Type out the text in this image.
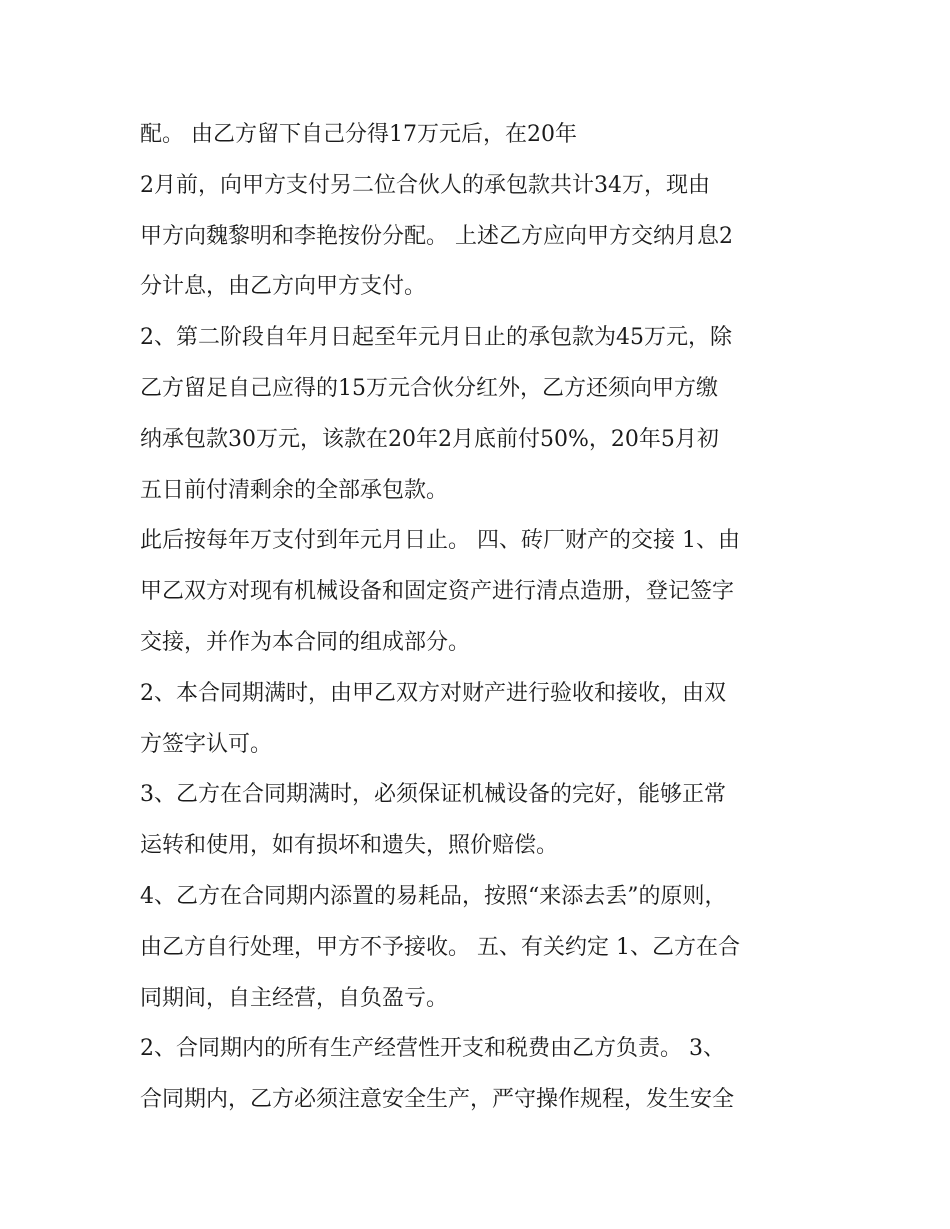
配。 由乙方留下自己分得17万元后，在20年
2月前，向甲方支付另二位合伙人的承包款共计34万，现由
甲方向魏黎明和李艳按份分配。 上述乙方应向甲方交纳月息2
分计息，由乙方向甲方支付。
2、第二阶段自年月日起至年元月日止的承包款为45万元，除
乙方留足自己应得的15万元合伙分红外，乙方还须向甲方缴
纳承包款30万元，该款在20年2月底前付50%，20年5月初
五日前付清剩余的全部承包款。
此后按每年万支付到年元月日止。 四、砖厂财产的交接 1、由
甲乙双方对现有机械设备和固定资产进行清点造册，登记签字
交接，并作为本合同的组成部分。
2、本合同期满时，由甲乙双方对财产进行验收和接收，由双
方签字认可。
3、乙方在合同期满时，必须保证机械设备的完好，能够正常
运转和使用，如有损坏和遗失，照价赔偿。
4、乙方在合同期内添置的易耗品，按照“来添去丢”的原则，
由乙方自行处理，甲方不予接收。 五、有关约定 1、乙方在合
同期间，自主经营，自负盈亏。
2、合同期内的所有生产经营性开支和税费由乙方负责。 3、
合同期内，乙方必须注意安全生产，严守操作规程，发生安全
